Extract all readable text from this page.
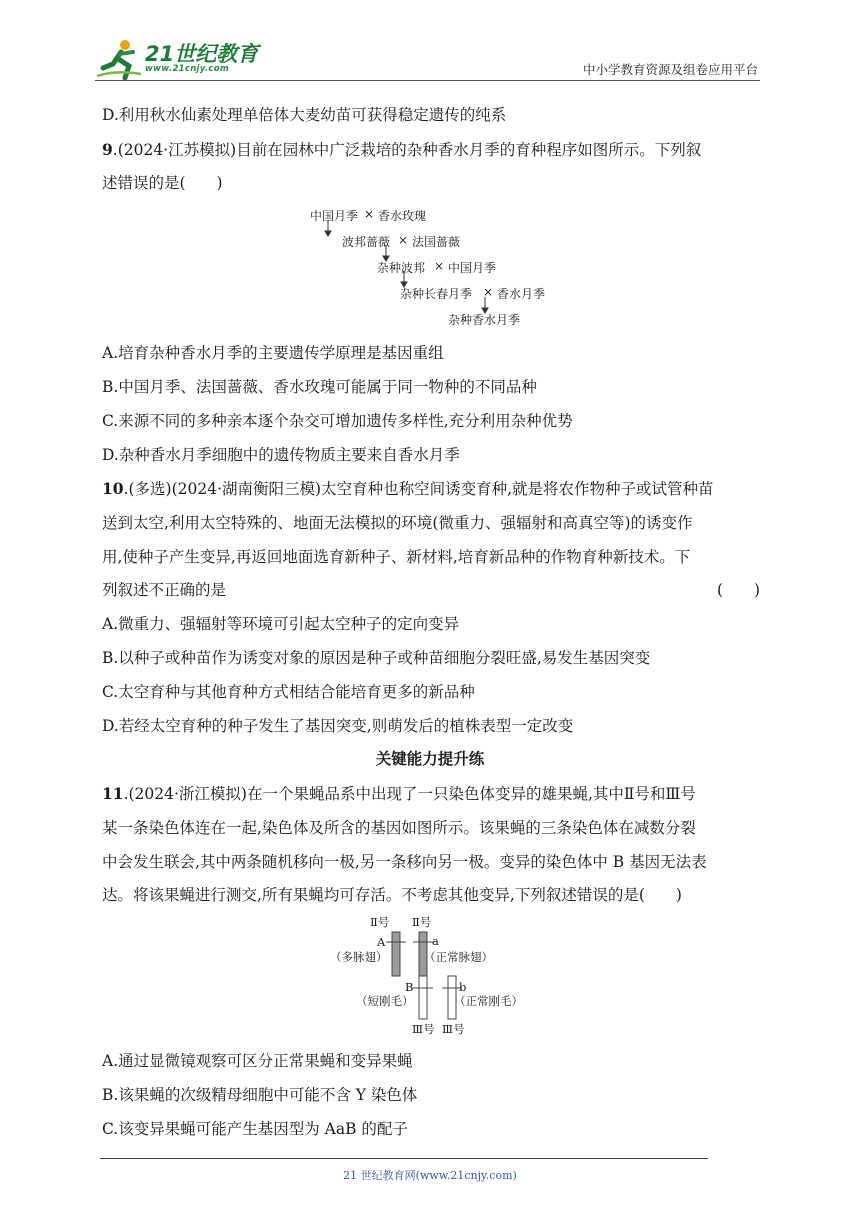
21世纪教育
www.21cnjy.com	中小学教育资源及组卷应用平台
D.利用秋水仙素处理单倍体大麦幼苗可获得稳定遗传的纯系
9.(2024·江苏模拟)目前在园林中广泛栽培的杂种香水月季的育种程序如图所示。下列叙
述错误的是(　　)
中国月季 × 香水玫瑰
波邦蔷薇 × 法国蔷薇
杂种波邦 × 中国月季
杂种长春月季 × 香水月季
杂种香水月季
A.培育杂种香水月季的主要遗传学原理是基因重组
B.中国月季、法国蔷薇、香水玫瑰可能属于同一物种的不同品种
C.来源不同的多种亲本逐个杂交可增加遗传多样性,充分利用杂种优势
D.杂种香水月季细胞中的遗传物质主要来自香水月季
10.(多选)(2024·湖南衡阳三模)太空育种也称空间诱变育种,就是将农作物种子或试管种苗
送到太空,利用太空特殊的、地面无法模拟的环境(微重力、强辐射和高真空等)的诱变作
用,使种子产生变异,再返回地面选育新种子、新材料,培育新品种的作物育种新技术。下
列叙述不正确的是	(　　)
A.微重力、强辐射等环境可引起太空种子的定向变异
B.以种子或种苗作为诱变对象的原因是种子或种苗细胞分裂旺盛,易发生基因突变
C.太空育种与其他育种方式相结合能培育更多的新品种
D.若经太空育种的种子发生了基因突变,则萌发后的植株表型一定改变
关键能力提升练
11.(2024·浙江模拟)在一个果蝇品系中出现了一只染色体变异的雄果蝇,其中Ⅱ号和Ⅲ号
某一条染色体连在一起,染色体及所含的基因如图所示。该果蝇的三条染色体在减数分裂
中会发生联会,其中两条随机移向一极,另一条移向另一极。变异的染色体中 B 基因无法表
达。将该果蝇进行测交,所有果蝇均可存活。不考虑其他变异,下列叙述错误的是(　　)
Ⅱ号 Ⅱ号
A	a
（多脉翅）	（正常脉翅）
B	b
（短刚毛）	（正常刚毛）
Ⅲ号 Ⅲ号
A.通过显微镜观察可区分正常果蝇和变异果蝇
B.该果蝇的次级精母细胞中可能不含 Y 染色体
C.该变异果蝇可能产生基因型为 AaB 的配子
21 世纪教育网(www.21cnjy.com)
